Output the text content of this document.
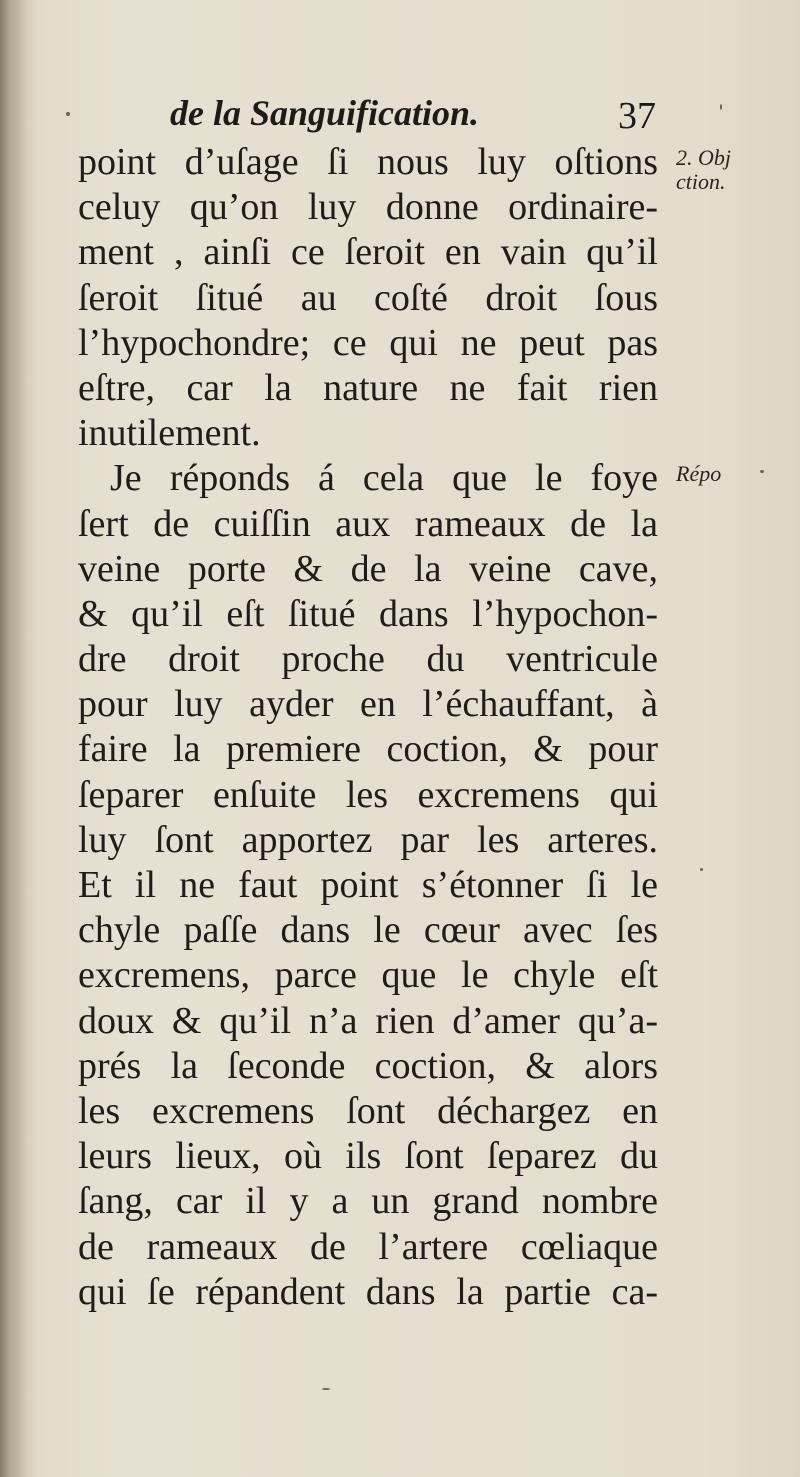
de la Sanguification.	37
2. Obj
ction.
Répo
point d’uſage ſi nous luy oſtions
celuy qu’on luy donne ordinaire-
ment , ainſi ce ſeroit en vain qu’il
ſeroit ſitué au coſté droit ſous
l’hypochondre; ce qui ne peut pas
eſtre, car la nature ne fait rien
inutilement.
Je réponds á cela que le foye
ſert de cuiſſin aux rameaux de la
veine porte & de la veine cave,
& qu’il eſt ſitué dans l’hypochon-
dre droit proche du ventricule
pour luy ayder en l’échauffant, à
faire la premiere coction, & pour
ſeparer enſuite les excremens qui
luy ſont apportez par les arteres.
Et il ne faut point s’étonner ſi le
chyle paſſe dans le cœur avec ſes
excremens, parce que le chyle eſt
doux & qu’il n’a rien d’amer qu’a-
prés la ſeconde coction, & alors
les excremens ſont déchargez en
leurs lieux, où ils ſont ſeparez du
ſang, car il y a un grand nombre
de rameaux de l’artere cœliaque
qui ſe répandent dans la partie ca-
